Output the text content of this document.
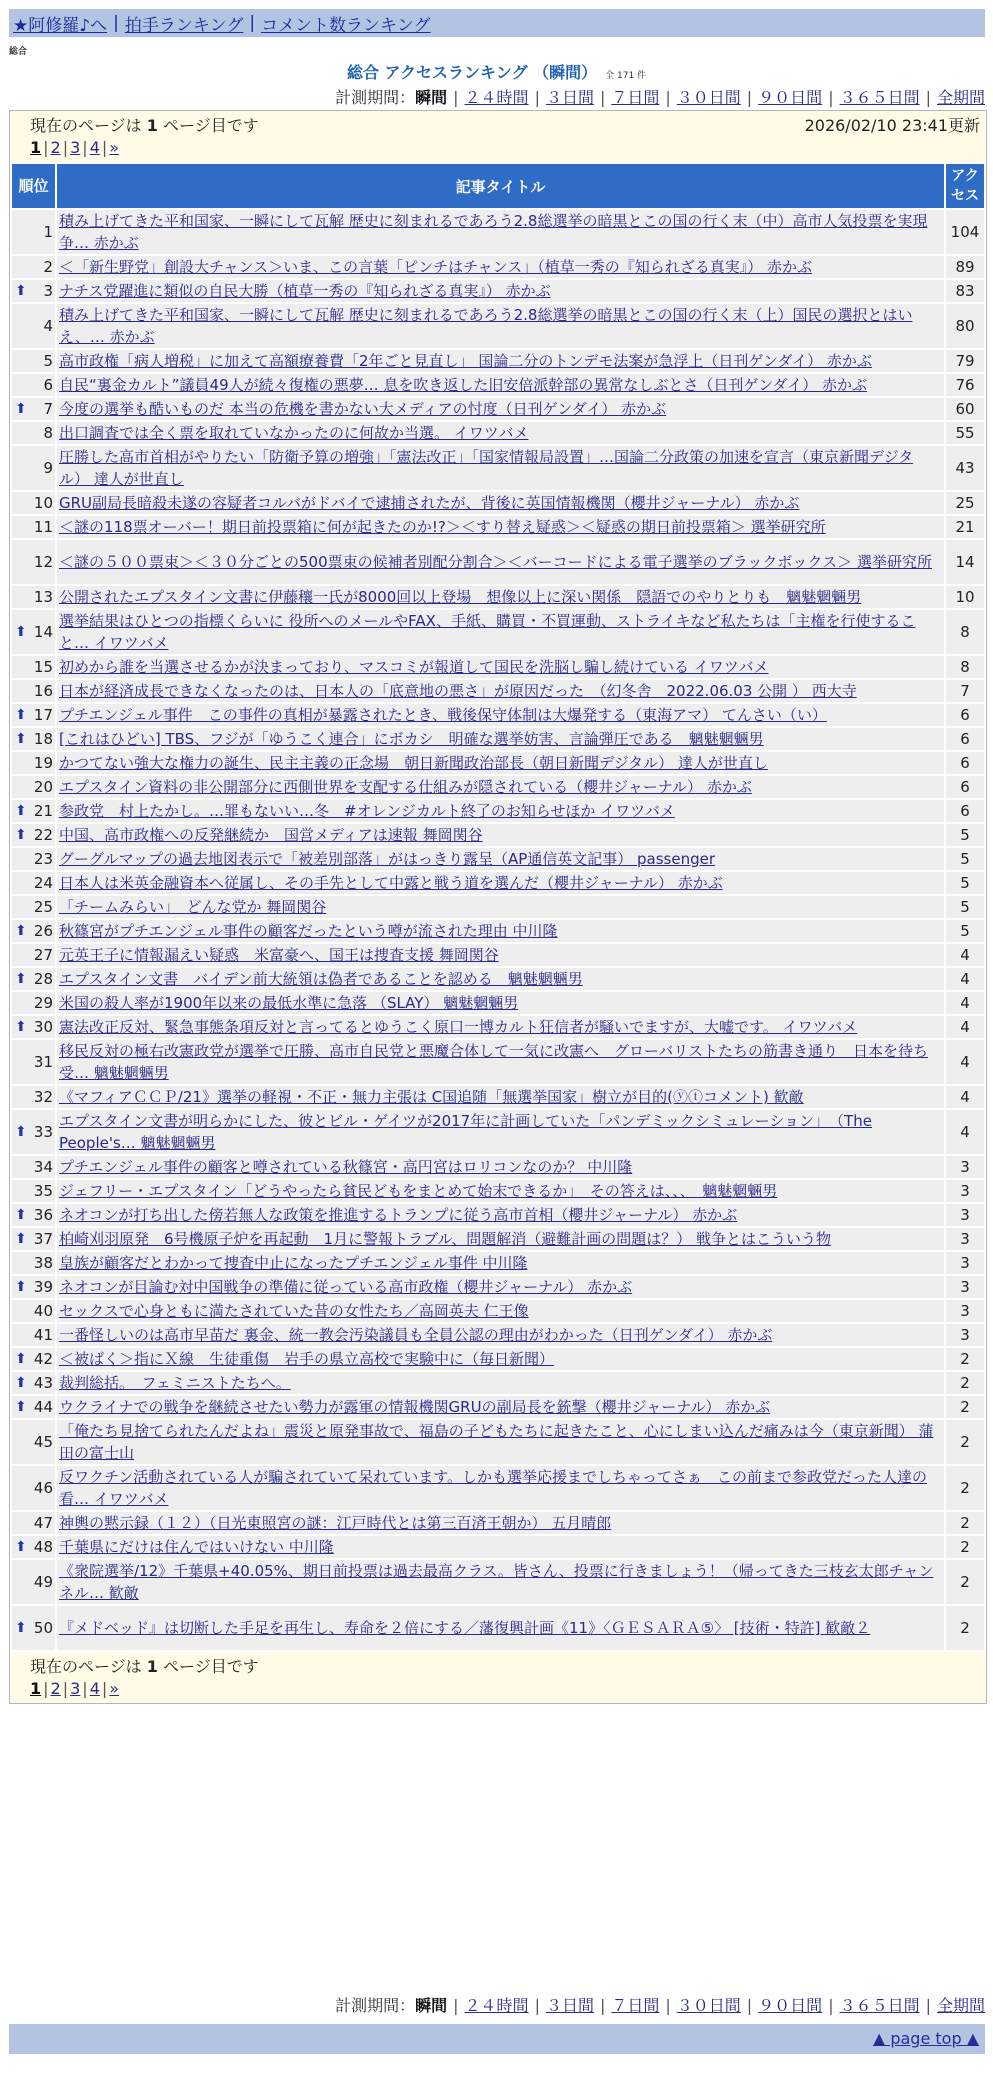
★阿修羅♪へ | 拍手ランキング | コメント数ランキング
総合
総合 アクセスランキング （瞬間） 全 171 件
計測期間：瞬間 | ２４時間 | ３日間 | ７日間 | ３０日間 | ９０日間 | ３６５日間 | 全期間
現在のページは 1 ページ目です	2026/02/10 23:41更新
1 | 2 | 3 | 4 | »
順位	記事タイトル	アクセス
1	積み上げてきた平和国家、一瞬にして瓦解 歴史に刻まれるであろう2.8総選挙の暗黒とこの国の行く末（中）高市人気投票を実現争… 赤かぶ	104
2	＜「新生野党」創設大チャンス＞いま、この言葉「ピンチはチャンス」（植草一秀の『知られざる真実』） 赤かぶ	89

⬆ 3	ナチス党躍進に類似の自民大勝（植草一秀の『知られざる真実』） 赤かぶ	83
4	積み上げてきた平和国家、一瞬にして瓦解 歴史に刻まれるであろう2.8総選挙の暗黒とこの国の行く末（上）国民の選択とはいえ、… 赤かぶ	80
5	高市政権「病人増税」に加えて高額療養費「2年ごと見直し」 国論二分のトンデモ法案が急浮上（日刊ゲンダイ） 赤かぶ	79
6	自民“裏金カルト”議員49人が続々復権の悪夢… 息を吹き返した旧安倍派幹部の異常なしぶとさ（日刊ゲンダイ） 赤かぶ	76

⬆ 7	今度の選挙も酷いものだ 本当の危機を書かない大メディアの忖度（日刊ゲンダイ） 赤かぶ	60
8	出口調査では全く票を取れていなかったのに何故か当選。 イワツバメ	55
9	圧勝した高市首相がやりたい「防衛予算の増強」「憲法改正」「国家情報局設置」…国論二分政策の加速を宣言（東京新聞デジタル） 達人が世直し	43
10	GRU副局長暗殺未遂の容疑者コルバがドバイで逮捕されたが、背後に英国情報機関（櫻井ジャーナル） 赤かぶ	25
11	＜謎の118票オーバー！期日前投票箱に何が起きたのか!?＞＜すり替え疑惑＞＜疑惑の期日前投票箱＞ 選挙研究所	21
12	＜謎の５００票束＞＜３０分ごとの500票束の候補者別配分割合＞＜バーコードによる電子選挙のブラックボックス＞ 選挙研究所	14
13	公開されたエプスタイン文書に伊藤穰一氏が8000回以上登場　想像以上に深い関係　隠語でのやりとりも　魑魅魍魎男	10

⬆ 14	選挙結果はひとつの指標くらいに 役所へのメールやFAX、手紙、購買・不買運動、ストライキなど私たちは「主権を行使すること… イワツバメ	8
15	初めから誰を当選させるかが決まっており、マスコミが報道して国民を洗脳し騙し続けている イワツバメ	8
16	日本が経済成長できなくなったのは、日本人の「底意地の悪さ」が原因だった　（幻冬舎　2022.06.03 公開 ） 西大寺	7

⬆ 17	プチエンジェル事件　この事件の真相が暴露されたとき、戦後保守体制は大爆発する（東海アマ） てんさい（い）	6

⬆ 18	[これはひどい] TBS、フジが「ゆうこく連合」にボカシ　明確な選挙妨害、言論弾圧である　魑魅魍魎男	6
19	かつてない強大な権力の誕生、民主主義の正念場　朝日新聞政治部長（朝日新聞デジタル） 達人が世直し	6
20	エプスタイン資料の非公開部分に西側世界を支配する仕組みが隠されている（櫻井ジャーナル） 赤かぶ	6

⬆ 21	参政党　村上たかし。…罪もないい…冬　#オレンジカルト終了のお知らせほか イワツバメ	6

⬆ 22	中国、高市政権への反発継続か　国営メディアは速報 舞岡関谷	5
23	グーグルマップの過去地図表示で「被差別部落」がはっきり露呈（AP通信英文記事） passenger	5
24	日本人は米英金融資本へ従属し、その手先として中露と戦う道を選んだ（櫻井ジャーナル） 赤かぶ	5
25	「チームみらい」　どんな党か 舞岡関谷	5

⬆ 26	秋篠宮がプチエンジェル事件の顧客だったという噂が流された理由 中川隆	5
27	元英王子に情報漏えい疑惑　米富豪へ、国王は捜査支援 舞岡関谷	4

⬆ 28	エプスタイン文書　バイデン前大統領は偽者であることを認める　魑魅魍魎男	4
29	米国の殺人率が1900年以来の最低水準に急落 （SLAY） 魑魅魍魎男	4

⬆ 30	憲法改正反対、緊急事態条項反対と言ってるとゆうこく原口一博カルト狂信者が騒いでますが、大嘘です。 イワツバメ	4
31	移民反対の極右改憲政党が選挙で圧勝、高市自民党と悪魔合体して一気に改憲へ　グローバリストたちの筋書き通り　日本を待ち受… 魑魅魍魎男	4
32	《マフィアＣＣＰ/21》選挙の軽視・不正・無力主張は C国追随「無選挙国家」樹立が目的(ⓨⓣコメント) 歓敵	4

⬆ 33	エプスタイン文書が明らかにした、彼とビル・ゲイツが2017年に計画していた「パンデミックシミュレーション」　（The People's… 魑魅魍魎男	4
34	プチエンジェル事件の顧客と噂されている秋篠宮・高円宮はロリコンなのか？ 中川隆	3
35	ジェフリー・エプスタイン「どうやったら貧民どもをまとめて始末できるか」　その答えは、、、　魑魅魍魎男	3

⬆ 36	ネオコンが打ち出した傍若無人な政策を推進するトランプに従う高市首相（櫻井ジャーナル） 赤かぶ	3

⬆ 37	柏崎刈羽原発　6号機原子炉を再起動　1月に警報トラブル、問題解消（避難計画の問題は？） 戦争とはこういう物	3
38	皇族が顧客だとわかって捜査中止になったプチエンジェル事件 中川隆	3

⬆ 39	ネオコンが目論む対中国戦争の準備に従っている高市政権（櫻井ジャーナル） 赤かぶ	3
40	セックスで心身ともに満たされていた昔の女性たち／高岡英夫 仁王像	3
41	一番怪しいのは高市早苗だ 裏金、統一教会汚染議員も全員公認の理由がわかった（日刊ゲンダイ） 赤かぶ	3

⬆ 42	＜被ばく＞指にＸ線　生徒重傷　岩手の県立高校で実験中に（毎日新聞）	2

⬆ 43	裁判総括。　フェミニストたちへ。	2

⬆ 44	ウクライナでの戦争を継続させたい勢力が露軍の情報機関GRUの副局長を銃撃（櫻井ジャーナル） 赤かぶ	2
45	「俺たち見捨てられたんだよね」震災と原発事故で、福島の子どもたちに起きたこと、心にしまい込んだ痛みは今（東京新聞） 蒲田の富士山	2
46	反ワクチン活動されている人が騙されていて呆れています。しかも選挙応援までしちゃってさぁ　この前まで参政党だった人達の 看… イワツバメ	2
47	神輿の黙示録（１２）（日光東照宮の謎：江戸時代とは第三百済王朝か） 五月晴郎	2

⬆ 48	千葉県にだけは住んではいけない 中川隆	2
49	《衆院選挙/12》千葉県+40.05%、期日前投票は過去最高クラス。皆さん、投票に行きましょう！（帰ってきた三枝玄太郎チャンネル… 歓敵	2

⬆ 50	『メドベッド』は切断した手足を再生し、寿命を２倍にする／藩復興計画《11》〈ＧＥＳＡＲＡ⑤〉 [技術・特許] 歓敵２	2
現在のページは 1 ページ目です
1 | 2 | 3 | 4 | »
計測期間：瞬間 | ２４時間 | ３日間 | ７日間 | ３０日間 | ９０日間 | ３６５日間 | 全期間
▲ page top ▲
